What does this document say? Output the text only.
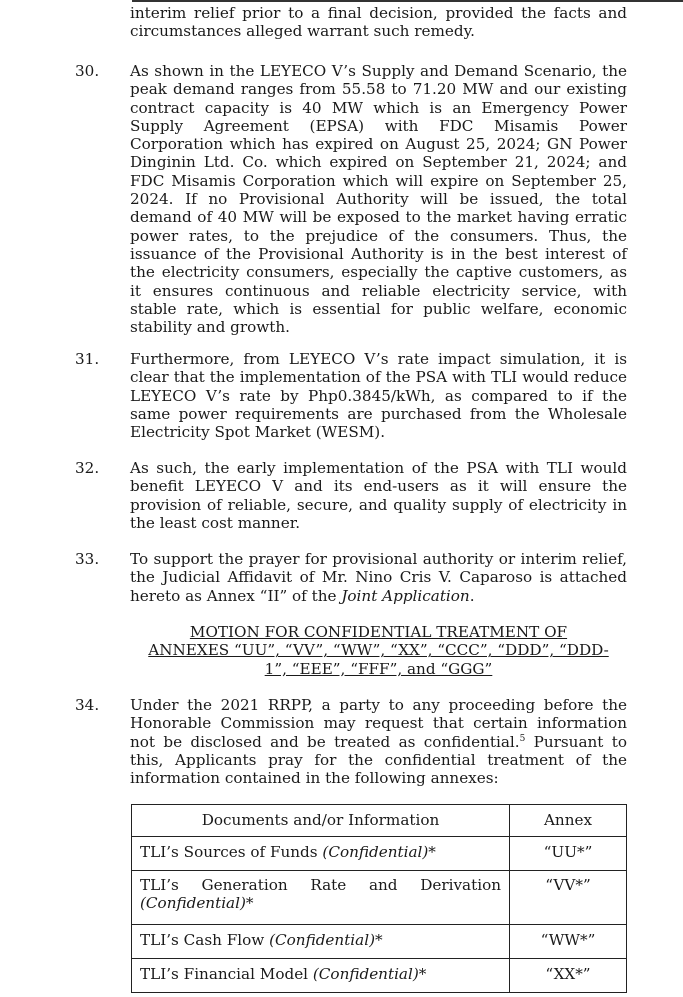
interim relief prior to a final decision, provided the facts and circumstances alleged warrant such remedy.

30. As shown in the LEYECO V’s Supply and Demand Scenario, the peak demand ranges from 55.58 to 71.20 MW and our existing contract capacity is 40 MW which is an Emergency Power Supply Agreement (EPSA) with FDC Misamis Power Corporation which has expired on August 25, 2024; GN Power Dinginin Ltd. Co. which expired on September 21, 2024; and FDC Misamis Corporation which will expire on September 25, 2024. If no Provisional Authority will be issued, the total demand of 40 MW will be exposed to the market having erratic power rates, to the prejudice of the consumers. Thus, the issuance of the Provisional Authority is in the best interest of the electricity consumers, especially the captive customers, as it ensures continuous and reliable electricity service, with stable rate, which is essential for public welfare, economic stability and growth.

31. Furthermore, from LEYECO V’s rate impact simulation, it is clear that the implementation of the PSA with TLI would reduce LEYECO V’s rate by Php0.3845/kWh, as compared to if the same power requirements are purchased from the Wholesale Electricity Spot Market (WESM).

32. As such, the early implementation of the PSA with TLI would benefit LEYECO V and its end-users as it will ensure the provision of reliable, secure, and quality supply of electricity in the least cost manner.

33. To support the prayer for provisional authority or interim relief, the Judicial Affidavit of Mr. Nino Cris V. Caparoso is attached hereto as Annex “II” of the Joint Application.

MOTION FOR CONFIDENTIAL TREATMENT OF
ANNEXES “UU”, “VV”, “WW”, “XX”, “CCC”, “DDD”, “DDD-
1”, “EEE”, “FFF”, and “GGG”

34. Under the 2021 RRPP, a party to any proceeding before the Honorable Commission may request that certain information not be disclosed and be treated as confidential.$^5$ Pursuant to this, Applicants pray for the confidential treatment of the information contained in the following annexes:

Documents and/or Information	Annex
TLI’s Sources of Funds (Confidential)*	“UU*”
TLI’s Generation Rate and Derivation (Confidential)*	“VV*”
TLI’s Cash Flow (Confidential)*	“WW*”
TLI’s Financial Model (Confidential)*	“XX*”
